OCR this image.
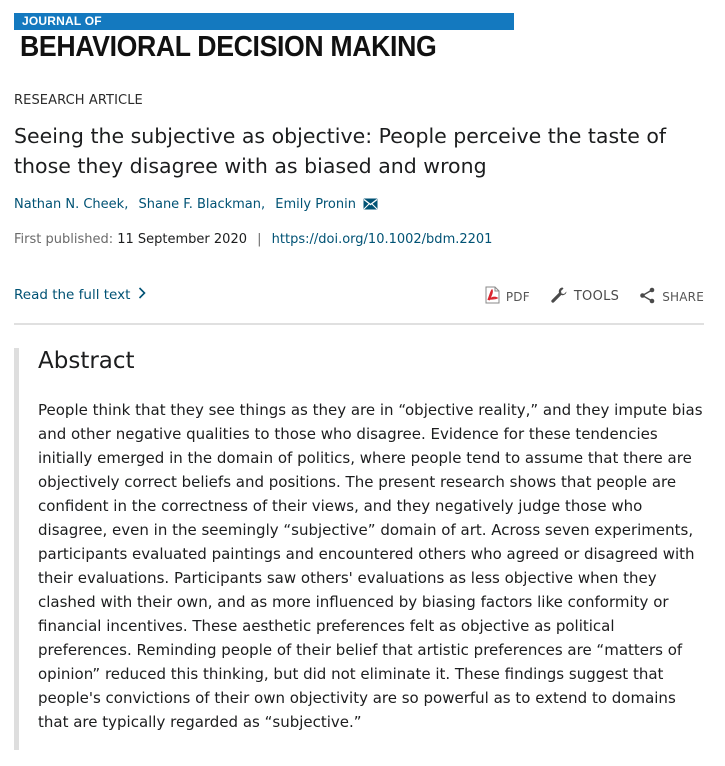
JOURNAL OF
BEHAVIORAL DECISION MAKING
RESEARCH ARTICLE
Seeing the subjective as objective: People perceive the taste of those they disagree with as biased and wrong
Nathan N. Cheek, Shane F. Blackman, Emily Pronin
First published: 11 September 2020 | https://doi.org/10.1002/bdm.2201
Read the full text	PDF	TOOLS	SHARE
Abstract

People think that they see things as they are in “objective reality,” and they impute bias and other negative qualities to those who disagree. Evidence for these tendencies initially emerged in the domain of politics, where people tend to assume that there are objectively correct beliefs and positions. The present research shows that people are confident in the correctness of their views, and they negatively judge those who disagree, even in the seemingly “subjective” domain of art. Across seven experiments, participants evaluated paintings and encountered others who agreed or disagreed with their evaluations. Participants saw others' evaluations as less objective when they clashed with their own, and as more influenced by biasing factors like conformity or financial incentives. These aesthetic preferences felt as objective as political preferences. Reminding people of their belief that artistic preferences are “matters of opinion” reduced this thinking, but did not eliminate it. These findings suggest that people's convictions of their own objectivity are so powerful as to extend to domains that are typically regarded as “subjective.”
